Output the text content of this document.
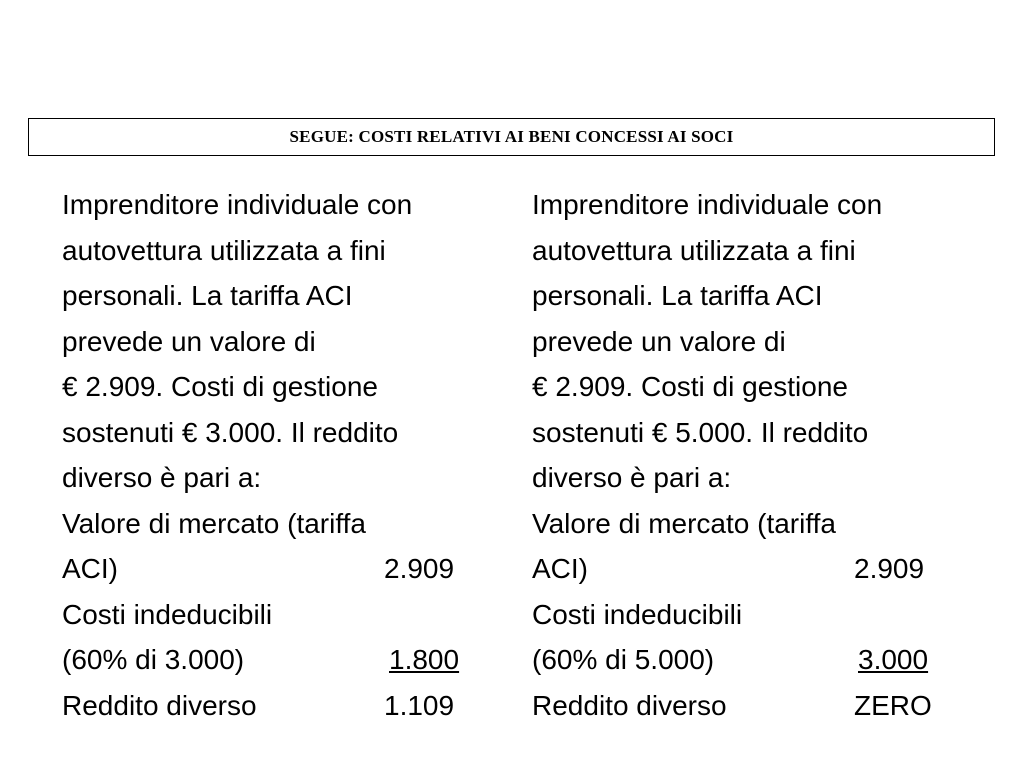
SEGUE: COSTI RELATIVI AI BENI CONCESSI AI SOCI
Imprenditore individuale con
autovettura utilizzata a fini
personali. La tariffa ACI
prevede un valore di
€ 2.909. Costi di gestione
sostenuti € 3.000. Il reddito
diverso è pari a:
Valore di mercato (tariffa
ACI)	2.909
Costi indeducibili
(60% di 3.000)	1.800
Reddito diverso	1.109
Imprenditore individuale con
autovettura utilizzata a fini
personali. La tariffa ACI
prevede un valore di
€ 2.909. Costi di gestione
sostenuti € 5.000. Il reddito
diverso è pari a:
Valore di mercato (tariffa
ACI)	2.909
Costi indeducibili
(60% di 5.000)	3.000
Reddito diverso	ZERO
